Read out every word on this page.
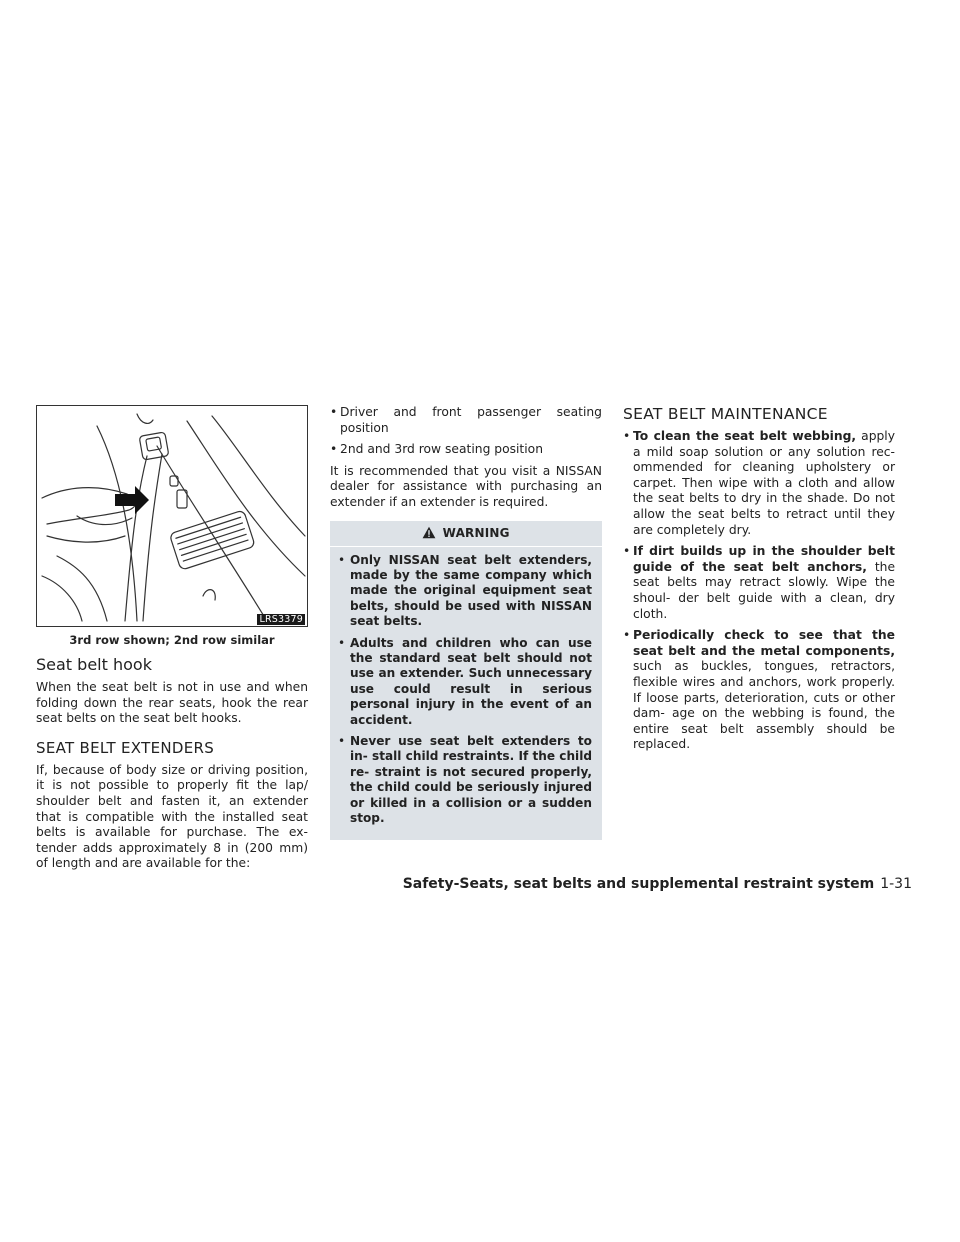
LRS3379
3rd row shown; 2nd row similar
Seat belt hook

When the seat belt is not in use and when folding down the rear seats, hook the rear seat belts on the seat belt hooks.

SEAT BELT EXTENDERS

If, because of body size or driving position, it is not possible to properly fit the lap/ shoulder belt and fasten it, an extender that is compatible with the installed seat belts is available for purchase. The ex- tender adds approximately 8 in (200 mm) of length and are available for the:

• Driver and front passenger seating position
• 2nd and 3rd row seating position

It is recommended that you visit a NISSAN dealer for assistance with purchasing an extender if an extender is required.

WARNING
• Only NISSAN seat belt extenders, made by the same company which made the original equipment seat belts, should be used with NISSAN seat belts.
• Adults and children who can use the standard seat belt should not use an extender. Such unnecessary use could result in serious personal injury in the event of an accident.
• Never use seat belt extenders to in- stall child restraints. If the child re- straint is not secured properly, the child could be seriously injured or killed in a collision or a sudden stop.
SEAT BELT MAINTENANCE
• To clean the seat belt webbing, apply a mild soap solution or any solution rec- ommended for cleaning upholstery or carpet. Then wipe with a cloth and allow the seat belts to dry in the shade. Do not allow the seat belts to retract until they are completely dry.
• If dirt builds up in the shoulder belt guide of the seat belt anchors, the seat belts may retract slowly. Wipe the shoul- der belt guide with a clean, dry cloth.
• Periodically check to see that the seat belt and the metal components, such as buckles, tongues, retractors, flexible wires and anchors, work properly. If loose parts, deterioration, cuts or other dam- age on the webbing is found, the entire seat belt assembly should be replaced.
Safety-Seats, seat belts and supplemental restraint system 1-31
